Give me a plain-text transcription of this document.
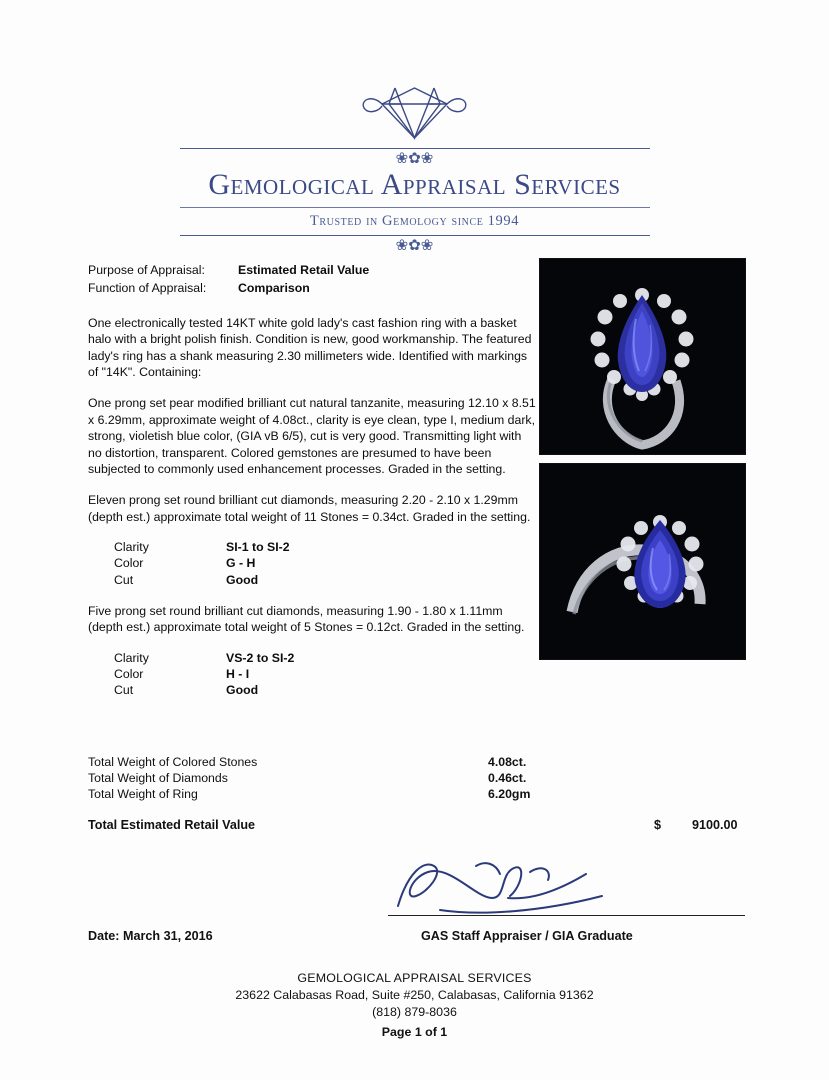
❀✿❀
Gemological Appraisal Services
Trusted in Gemology since 1994
❀✿❀
Purpose of Appraisal:	Estimated Retail Value
Function of Appraisal:	Comparison

One electronically tested 14KT white gold lady's cast fashion ring with a basket halo with a bright polish finish. Condition is new, good workmanship. The featured lady's ring has a shank measuring 2.30 millimeters wide. Identified with markings of "14K". Containing:

One prong set pear modified brilliant cut natural tanzanite, measuring 12.10 x 8.51 x 6.29mm, approximate weight of 4.08ct., clarity is eye clean, type I, medium dark, strong, violetish blue color, (GIA vB 6/5), cut is very good. Transmitting light with no distortion, transparent. Colored gemstones are presumed to have been subjected to commonly used enhancement processes. Graded in the setting.

Eleven prong set round brilliant cut diamonds, measuring 2.20 - 2.10 x 1.29mm (depth est.) approximate total weight of 11 Stones = 0.34ct. Graded in the setting.

Clarity	SI-1 to SI-2
Color	G - H
Cut	Good

Five prong set round brilliant cut diamonds, measuring 1.90 - 1.80 x 1.11mm (depth est.) approximate total weight of 5 Stones = 0.12ct. Graded in the setting.

Clarity	VS-2 to SI-2
Color	H - I
Cut	Good
Total Weight of Colored Stones	4.08ct.
Total Weight of Diamonds	0.46ct.
Total Weight of Ring	6.20gm
Total Estimated Retail Value	$ 9100.00
Date: March 31, 2016	GAS Staff Appraiser / GIA Graduate
GEMOLOGICAL APPRAISAL SERVICES
23622 Calabasas Road, Suite #250, Calabasas, California 91362
(818) 879-8036
Page 1 of 1
